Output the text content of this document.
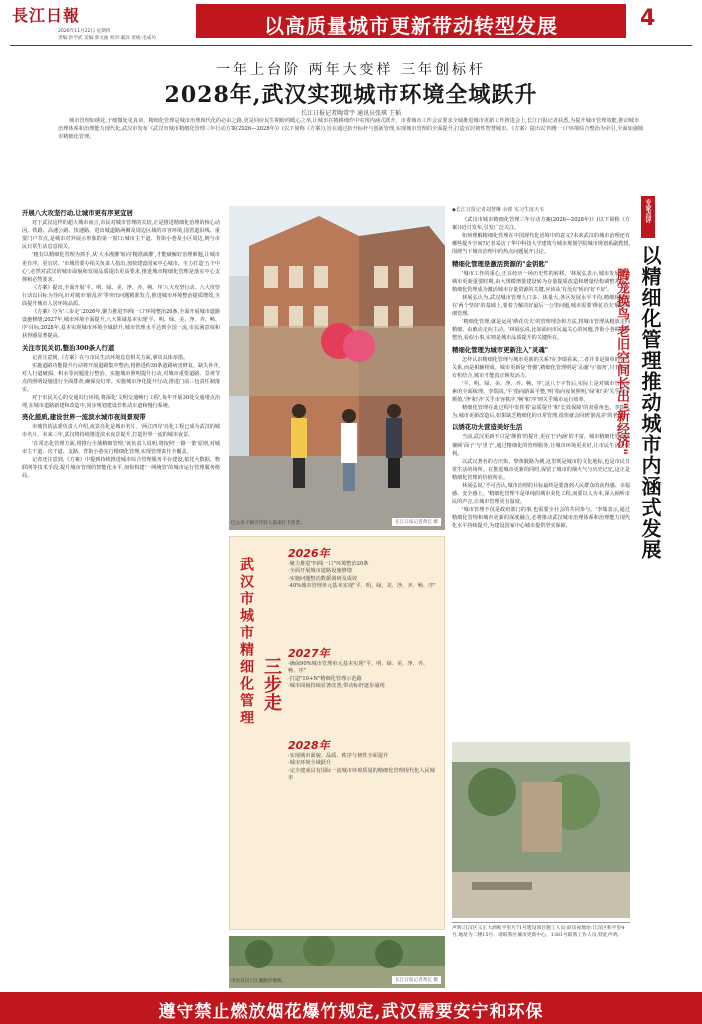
長江日報
2026年11月22日 星期四
责编:彭学武 美编:郭文曲 校对:霸泽 责统:毛成功
以高质量城市更新带动转型发展	4
一年上台阶 两年大变样 三年创标杆
2028年,武汉实现城市环境全域跃升
长江日报记者陶常宇 通讯员张琪 王韬
城市管理如绣花,于细微处见真章。精细化管理是城市治理现代化的必由之路,更是回应民生期盼的暖心之举,让城市在精耕细作中实现内涵式跃升。市委城市工作会议要求全域推进城市更新工作推进会上,长江日报记者获悉,为提升城市管理效能,推动城市治理体系和治理能力现代化,武汉市发布《武汉市城市精细化管理三年行动方案(2026—2028年)》(以下简称《方案》),旨在通过抬升标杆与创新管理,实现城市管理的全面提升,打造宜居韧性智慧城市。《方案》提出以'四维一口'环境综合整治为牵引,全面加强城市精细化管理。
开展八大攻坚行动,让城市更有序更宜居

对于武汉这样的超大城市而言,市民对城市管理的关切,正是推进精细化治理的核心动因。铁路、高速公路、快速路、进出城道路两侧及周边区域的市容环境,国省道沿线、重要门户节点,是城市对外展示形象的第一窗口;城市主干道、背街小巷及小区周边,则与市民日常生活息息相关。

'粗有以精细化管理为抓手,从'大水漫灌'转向'精准滴灌',才能破解好治理难题,让城市更有序、更宜居。'市城管委办相关负责人指出,加快建设国家中心城市、全力打造'五个中心',必然对武汉的城市面貌和发展品质提出更高要求,推进城市精细化管理是落实中心支撑和必然要求。

《方案》提出,全面开展'平、明、绿、美、净、齐、畅、序'八大攻坚行动。八大攻坚行动以目标为导向,针对城市'脏乱差'等突出问题精准发力,推进城市环境整治提质增效,全面提升城市人居环境品质。

《方案》分为'三步走':2026年,聚力推进'四线一口'环境整治20条,全面开展城市道路设施修缮;2027年,城市环境全面提升,八大领域基本实现'平、明、绿、美、净、齐、畅、序'目标;2028年,基本实现城市环境全域跃升,城市管理水平达到全国一流,市民满意度和获得感显著提高。

关注市民关切,整治300条人行道

记者注意到,《方案》在与市民生活环境息息相关方面,拿出具体举措。

实施道路功能提升行动将开展道路集中整治,将推进约30条道路病害修复、缺失补齐,对人行道破损、积水等问题进行整治。实施城市照明提升行动,对城市重要道路、景观节点的照明设施进行全面排查,确保亮灯率。实施城市净化提升行动,推进门前三包责任制落实。

对于市民关心的交通出行环境,将深化'文明交通畅行工程',每年开展30处交通堵点治理,在城市道路新建和改造中,同步规划建设非机动车道和慢行系统。

亮化提质,建设世界一流滨水城市夜间景观带

市城管执法委负责人介绍,夜景亮化是城市名片。'两江四岸'亮化工程已成为武汉的城市名片。未来三年,武汉将持续推进滨水夜景提升,打造世界一流的城市夜景。

'在常态化管理方面,将推行全域精细管理,'该负责人说明,将按照'一路一策'原则,对城市主干道、次干道、支路、背街小巷实行精细化管理,实现管理责任全覆盖。

记者还注意到,《方案》中提到持续推进城市综合管理服务平台建设,依托大数据、物联网等技术手段,提升城市管理的智能化水平,加快构建'一网统管'的城市运行管理服务格局。

巴公房子街引年轻人前来打卡留念。	长江日报记者黄亿 摄
武汉市城市精细化管理 三步走
2026年
·聚力推进"四线一口"环境整治20条
·全面开展城市道路设施修缮
·实施问题整治数据调研及成效
·40%城市管理单元基本实现"平、明、绿、美、净、齐、畅、序"
2027年
·确保90%城市管理单元基本实现"平、明、绿、美、净、齐、畅、序"
·打造"10+N"精细化管理示范路
·城市面貌持续显著改善,带动标杆逐步涌现
2028年
·实现城市面貌、品质、秩序与韧性全面提升
·城市环境全域跃升
·完全建成具有国际一流城市环境质量的精细化管理现代化人民城市
市民在汉口江滩跑步锻炼。	长江日报记者黄亿 摄
◆长江日报记者刘慧琳 余睿 实习生庞天韦

《武汉市城市精细化管理三年行动方案(2026—2028年)》(以下简称《方案》)近日发布,引发广泛关注。

如何理解精细化管理在中国现代化语境中的意义?未来武汉的城市治理还有哪些提升空间?记者采访了华中科技大学建筑与城市规划学院城市规划系副教授,围绕当下城市治理中的热点问题展开讨论。

精细化管理是激活资源的"金钥匙"

'城市工作的重心,正在经历一场历史性的转移。'林展弘表示,城市发展进入城市更新重要时期,由大规模增量建设转为存量提质改造和增量结构调整并重。精细化管理成为激活城市存量资源的关键,应该从'有没有'转向'好不好'。

林展弘认为,武汉城市管理人口多、体量大,各区发展水平不均,精细化管理在'两个坚持'的基础上,要着力解决好最后一公里问题,城市需要'绣花功夫'般的精细管理。

'精细化管理,就是运用'绣花功夫'的管理理念和方法,将城市管理从粗放走向精细、由被动走向主动。'林展弘说,比如面向市民最关心的问题,背街小巷的环境整治,看似小事,实则是城市品质提升的关键所在。

精细化管理为城市更新注入"灵魂"

怎样认识精细化管理与城市更新的关系?在李瑞看来,二者并非是简单的替代关系,而是相辅相成。城市更新是'骨骼',精细化管理则是'灵魂'与'血肉',只有两者有机结合,城市才能真正焕发活力。

'平、明、绿、美、净、齐、畅、序',这八个字背后,实际上是对城市管理要素的全面梳理。李瑞说,'平'指向路面平整,'明'指向夜间照明,'绿'和'美'关乎城市颜值,'净'和'齐'关乎市容秩序,'畅'和'序'则关乎城市运行效率。

精细化管理在此过程中发挥着'品质提升'和'长效保障'的双重角色。李瑞认为,城市更新改造后,如果缺乏精细化的日常管理,很快就会回到'脏乱差'的老路。

以绣花功夫营造美好生活

当前,武汉更新不只是'颜值'的提升,更在于'内涵'的丰富。城市精细化管理要兼顾'面子'与'里子',通过精细化的管理服务,让城市环境更美好,让市民生活更便利。

以武汉著名的吉庆街、黎黄陂路为例,这里既是城市的文化地标,也是市民日常生活的场所。在推进城市更新的同时,保留了城市的烟火气与历史记忆,这正是精细化管理的价值所在。

林展弘说,'不可否认,城市治理的目标最终是要落到人民群众的获得感、幸福感、安全感上。'精细化管理不是单纯的城市美化工程,而要以人为本,深入倾听市民的声音,让城市管理更有温度。

'城市管理不仅是政府部门的事,也需要全社会的共同参与。'李瑞表示,通过精细化管理和城市更新的深度融合,必将推动武汉城市治理体系和治理能力现代化水平持续提升,为建设国家中心城市提供坚实保障。

声明:江汉区义正大酒和平里片71号建设项目施工人员:原房屋地址:江汉区和平里4号,地址为二楼15号、请联系区城市更新中心、1381号联系工作人员,特此声明。
专家点评
以精细化管理推动城市内涵式发展
腾笼换鸟 老旧空间长出"新经济"
遵守禁止燃放烟花爆竹规定,武汉需要安宁和环保
